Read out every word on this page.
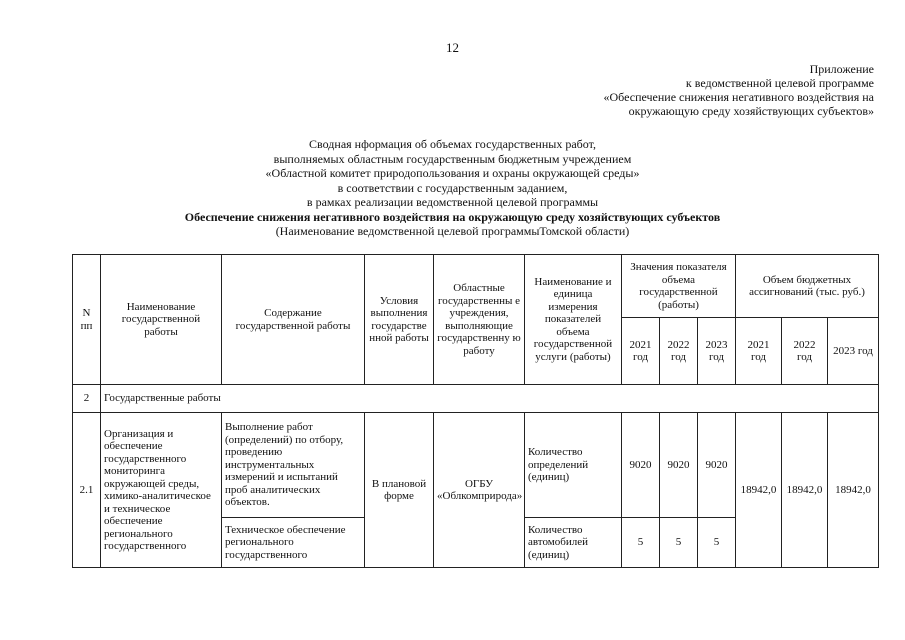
12
Приложение
к ведомственной целевой программе
«Обеспечение снижения негативного воздействия на
окружающую среду хозяйствующих субъектов»
Сводная нформация об объемах государственных работ,
выполняемых областным государственным бюджетным учреждением
«Областной комитет природопользования и охраны окружающей среды»
в соответствии с государственным заданием,
в рамках реализации ведомственной целевой программы
Обеспечение снижения негативного воздействия на окружающую среду хозяйствующих субъектов
(Наименование ведомственной целевой программыТомской области)
N пп	Наименование государственной работы	Содержание государственной работы	Условия выполнения государстве нной работы	Областные государственны е учреждения, выполняющие государственну ю работу	Наименование и единица измерения показателей объема государственной услуги (работы)	Значения показателя объема государственной (работы)			Объем бюджетных ассигнований (тыс. руб.)		
						2021 год	2022 год	2023 год	2021 год	2022 год	2023 год
2	Государственные работы										
2.1	Организация и обеспечение государственного мониторинга окружающей среды, химико-аналитическое и техническое обеспечение регионального государственного	Выполнение работ (определений) по отбору, проведению инструментальных измерений и испытаний проб аналитических объектов.	В плановой форме	ОГБУ «Облкомприрода»	Количество определений (единиц)	9020	9020	9020	18942,0	18942,0	18942,0
		Техническое обеспечение регионального государственного			Количество автомобилей (единиц)	5	5	5			
